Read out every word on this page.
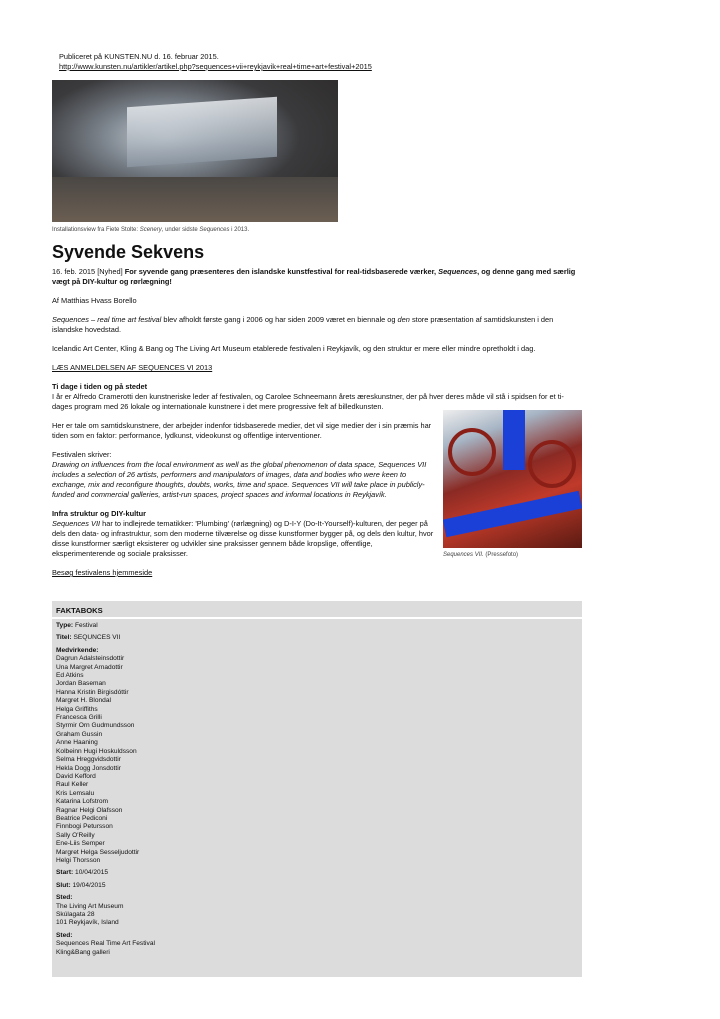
Publiceret på KUNSTEN.NU d. 16. februar 2015.

http://www.kunsten.nu/artikler/artikel.php?sequences+vii+reykjavik+real+time+art+festival+2015
Installationsview fra Fiete Stolte: Scenery, under sidste Sequences i 2013.
Syvende Sekvens

16. feb. 2015 [Nyhed] For syvende gang præsenteres den islandske kunstfestival for real-tidsbaserede værker, Sequences, og denne gang med særlig vægt på DIY-kultur og rørlægning!

Af Matthias Hvass Borello

Sequences – real time art festival blev afholdt første gang i 2006 og har siden 2009 været en biennale og den store præsentation af samtidskunsten i den islandske hovedstad.

Icelandic Art Center, Kling & Bang og The Living Art Museum etablerede festivalen i Reykjavík, og den struktur er mere eller mindre opretholdt i dag.

LÆS ANMELDELSEN AF SEQUENCES VI 2013

Ti dage i tiden og på stedet

I år er Alfredo Cramerotti den kunstneriske leder af festivalen, og Carolee Schneemann årets æreskunstner, der på hver deres måde vil stå i spidsen for et ti-dages program med 26 lokale og internationale kunstnere i det mere progressive felt af billedkunsten.

Her er tale om samtidskunstnere, der arbejder indenfor tidsbaserede medier, det vil sige medier der i sin præmis har tiden som en faktor: performance, lydkunst, videokunst og offentlige interventioner.

Festivalen skriver:

Drawing on influences from the local environment as well as the global phenomenon of data space, Sequences VII includes a selection of 26 artists, performers and manipulators of images, data and bodies who were keen to exchange, mix and reconfigure thoughts, doubts, works, time and space. Sequences VII will take place in publicly-funded and commercial galleries, artist-run spaces, project spaces and informal locations in Reykjavík.

Infra struktur og DIY-kultur

Sequences VII har to indlejrede tematikker: 'Plumbing' (rørlægning) og D-I-Y (Do-It-Yourself)-kulturen, der peger på dels den data- og infrastruktur, som den moderne tilværelse og disse kunstformer bygger på, og dels den kultur, hvor disse kunstformer særligt eksisterer og udvikler sine praksisser gennem både kropslige, offentlige, eksperimenterende og sociale praksisser.

Besøg festivalens hjemmeside

Sequences VII. (Pressefoto)
FAKTABOKS
Type: Festival
Titel: SEQUNCES VII
Medvirkende:
Dagrun Adalsteinsdottir
Una Margret Arnadottir
Ed Atkins
Jordan Baseman
Hanna Kristin Birgisdóttir
Margret H. Blondal
Helga Griffiths
Francesca Grilli
Styrmir Orn Gudmundsson
Graham Gussin
Anne Haaning
Kolbeinn Hugi Hoskuldsson
Selma Hreggvidsdottir
Hekla Dogg Jonsdottir
David Kefford
Raul Keller
Kris Lemsalu
Katarina Lofstrom
Ragnar Helgi Olafsson
Beatrice Pediconi
Finnbogi Petursson
Sally O'Reilly
Ene-Liis Semper
Margret Helga Sesseljudottir
Helgi Thorsson
Start: 10/04/2015
Slut: 19/04/2015
Sted:
The Living Art Museum
Skúlagata 28
101 Reykjavík, Island
Sted:
Sequences Real Time Art Festival
Kling&Bang galleri
